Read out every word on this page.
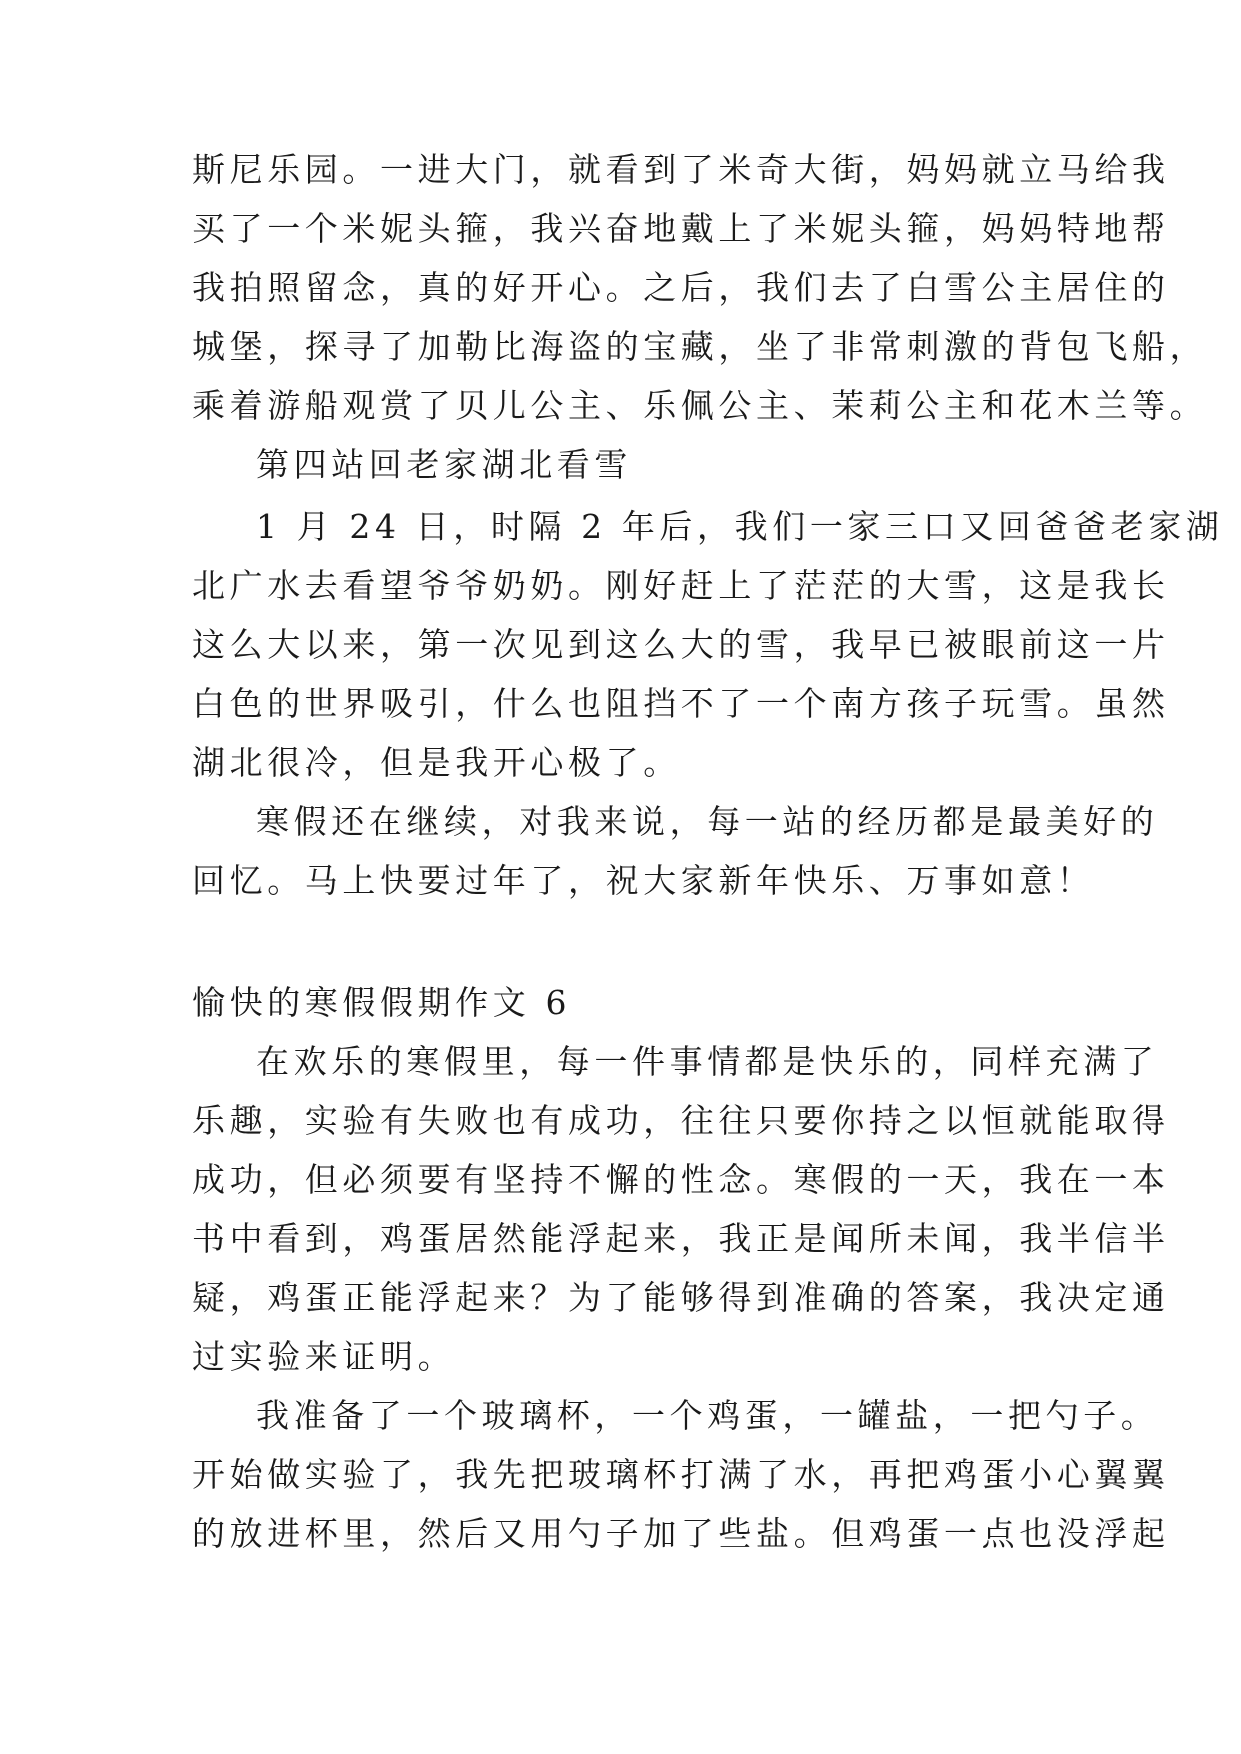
斯尼乐园。一进大门，就看到了米奇大街，妈妈就立马给我
买了一个米妮头箍，我兴奋地戴上了米妮头箍，妈妈特地帮
我拍照留念，真的好开心。之后，我们去了白雪公主居住的
城堡，探寻了加勒比海盗的宝藏，坐了非常刺激的背包飞船，
乘着游船观赏了贝儿公主、乐佩公主、茉莉公主和花木兰等。
第四站回老家湖北看雪
1 月 24 日，时隔 2 年后，我们一家三口又回爸爸老家湖
北广水去看望爷爷奶奶。刚好赶上了茫茫的大雪，这是我长
这么大以来，第一次见到这么大的雪，我早已被眼前这一片
白色的世界吸引，什么也阻挡不了一个南方孩子玩雪。虽然
湖北很冷，但是我开心极了。
寒假还在继续，对我来说，每一站的经历都是最美好的
回忆。马上快要过年了，祝大家新年快乐、万事如意！
愉快的寒假假期作文 6
在欢乐的寒假里，每一件事情都是快乐的，同样充满了
乐趣，实验有失败也有成功，往往只要你持之以恒就能取得
成功，但必须要有坚持不懈的性念。寒假的一天，我在一本
书中看到，鸡蛋居然能浮起来，我正是闻所未闻，我半信半
疑，鸡蛋正能浮起来？为了能够得到准确的答案，我决定通
过实验来证明。
我准备了一个玻璃杯，一个鸡蛋，一罐盐，一把勺子。
开始做实验了，我先把玻璃杯打满了水，再把鸡蛋小心翼翼
的放进杯里，然后又用勺子加了些盐。但鸡蛋一点也没浮起
